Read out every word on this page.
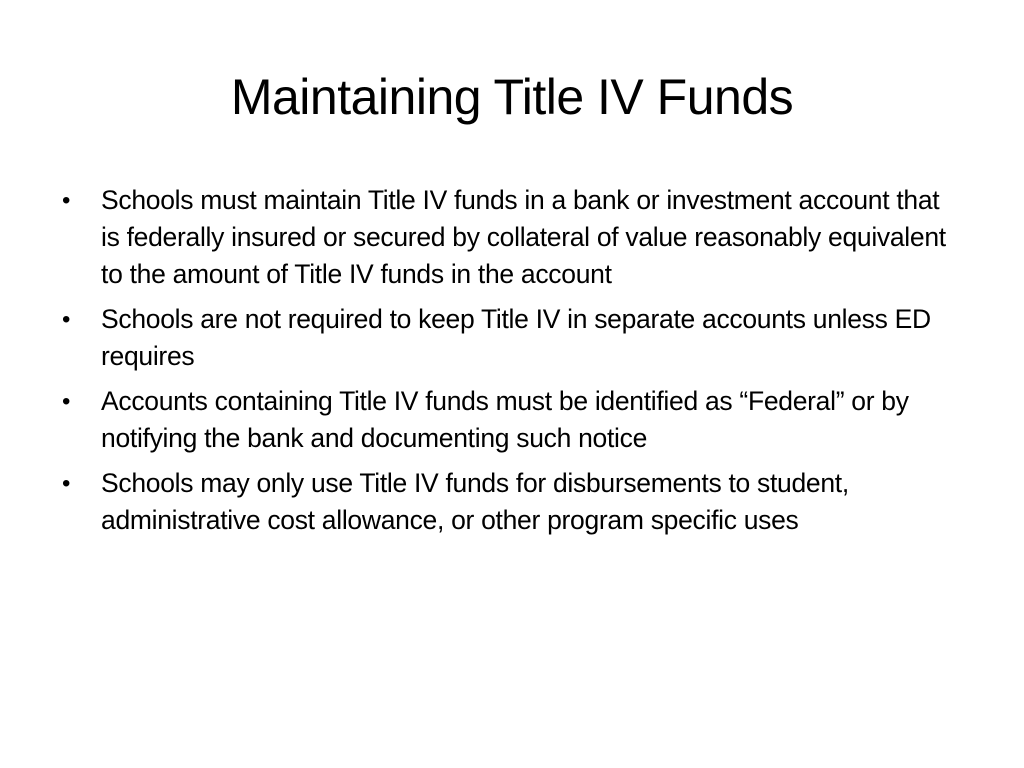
Maintaining Title IV Funds
•	Schools must maintain Title IV funds in a bank or investment account that is federally insured or secured by collateral of value reasonably equivalent to the amount of Title IV funds in the account
•	Schools are not required to keep Title IV in separate accounts unless ED requires
•	Accounts containing Title IV funds must be identified as “Federal” or by notifying the bank and documenting such notice
•	Schools may only use Title IV funds for disbursements to student, administrative cost allowance, or other program specific uses
